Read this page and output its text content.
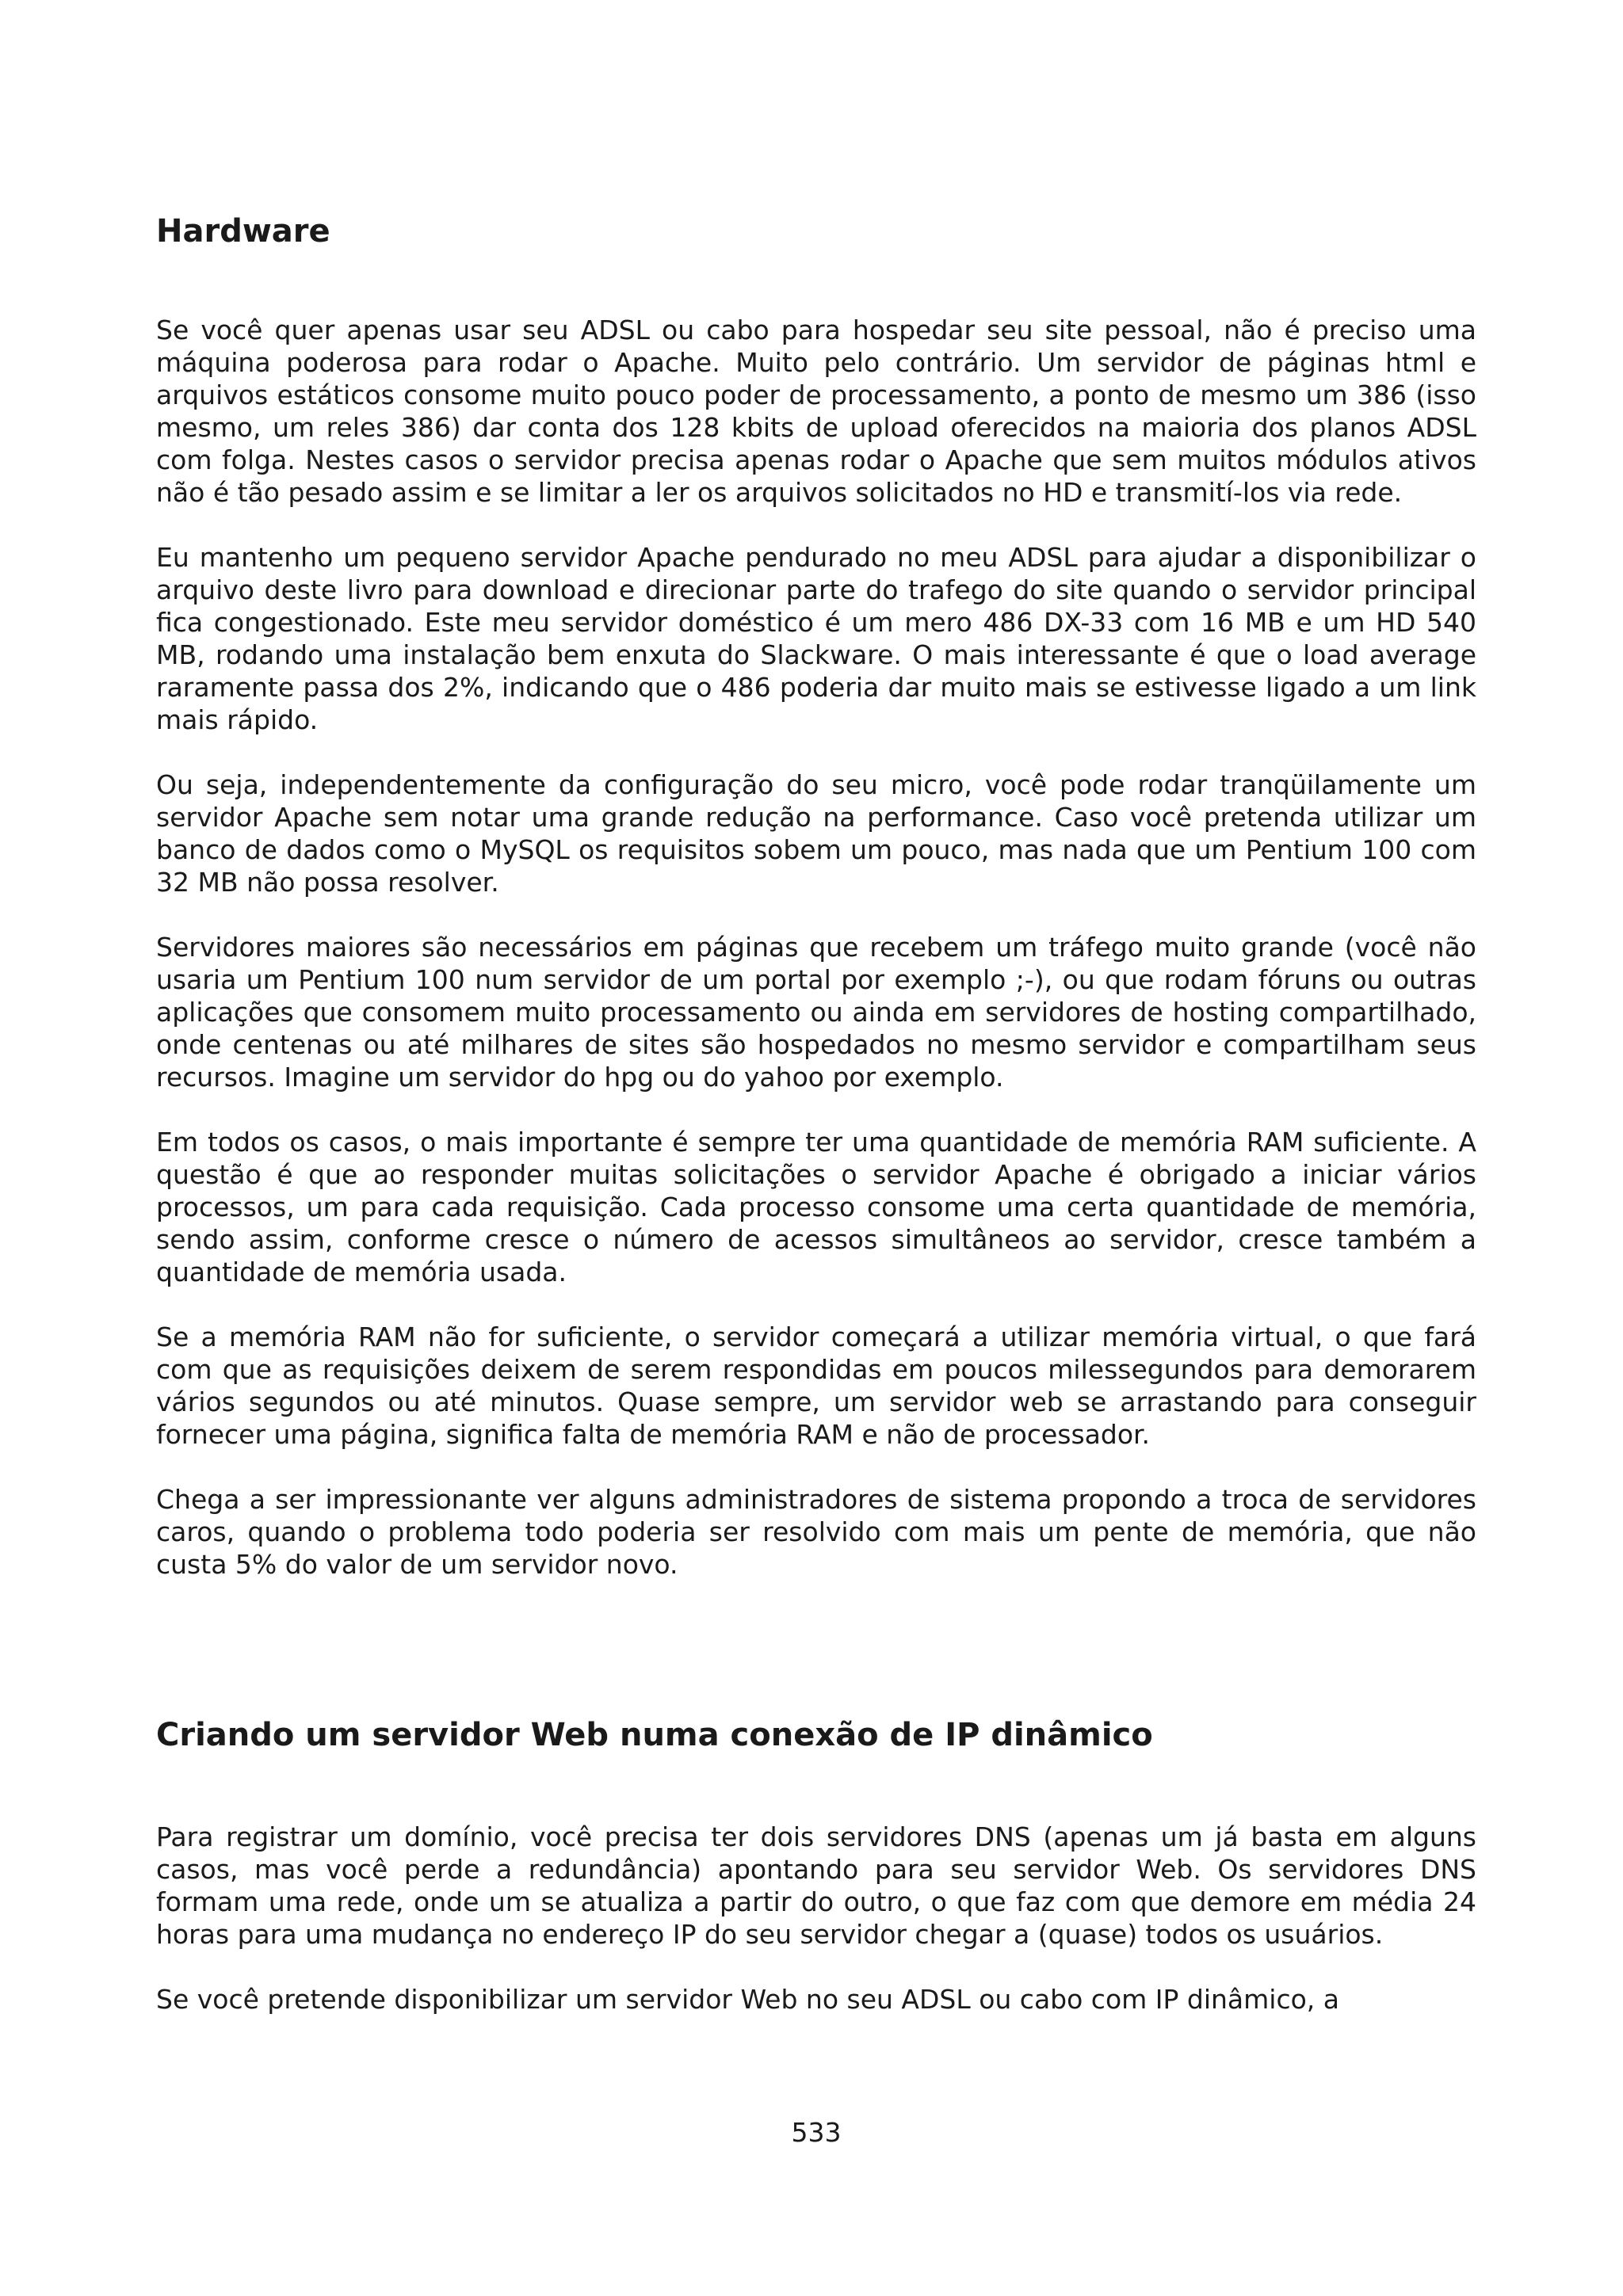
Hardware

Se você quer apenas usar seu ADSL ou cabo para hospedar seu site pessoal, não é preciso uma máquina poderosa para rodar o Apache. Muito pelo contrário. Um servidor de páginas html e arquivos estáticos consome muito pouco poder de processamento, a ponto de mesmo um 386 (isso mesmo, um reles 386) dar conta dos 128 kbits de upload oferecidos na maioria dos planos ADSL com folga. Nestes casos o servidor precisa apenas rodar o Apache que sem muitos módulos ativos não é tão pesado assim e se limitar a ler os arquivos solicitados no HD e transmití-los via rede.

Eu mantenho um pequeno servidor Apache pendurado no meu ADSL para ajudar a disponibilizar o arquivo deste livro para download e direcionar parte do trafego do site quando o servidor principal fica congestionado. Este meu servidor doméstico é um mero 486 DX-33 com 16 MB e um HD 540 MB, rodando uma instalação bem enxuta do Slackware. O mais interessante é que o load average raramente passa dos 2%, indicando que o 486 poderia dar muito mais se estivesse ligado a um link mais rápido.

Ou seja, independentemente da configuração do seu micro, você pode rodar tranqüilamente um servidor Apache sem notar uma grande redução na performance. Caso você pretenda utilizar um banco de dados como o MySQL os requisitos sobem um pouco, mas nada que um Pentium 100 com 32 MB não possa resolver.

Servidores maiores são necessários em páginas que recebem um tráfego muito grande (você não usaria um Pentium 100 num servidor de um portal por exemplo ;-), ou que rodam fóruns ou outras aplicações que consomem muito processamento ou ainda em servidores de hosting compartilhado, onde centenas ou até milhares de sites são hospedados no mesmo servidor e compartilham seus recursos. Imagine um servidor do hpg ou do yahoo por exemplo.

Em todos os casos, o mais importante é sempre ter uma quantidade de memória RAM suficiente. A questão é que ao responder muitas solicitações o servidor Apache é obrigado a iniciar vários processos, um para cada requisição. Cada processo consome uma certa quantidade de memória, sendo assim, conforme cresce o número de acessos simultâneos ao servidor, cresce também a quantidade de memória usada.

Se a memória RAM não for suficiente, o servidor começará a utilizar memória virtual, o que fará com que as requisições deixem de serem respondidas em poucos milessegundos para demorarem vários segundos ou até minutos. Quase sempre, um servidor web se arrastando para conseguir fornecer uma página, significa falta de memória RAM e não de processador.

Chega a ser impressionante ver alguns administradores de sistema propondo a troca de servidores caros, quando o problema todo poderia ser resolvido com mais um pente de memória, que não custa 5% do valor de um servidor novo.

Criando um servidor Web numa conexão de IP dinâmico

Para registrar um domínio, você precisa ter dois servidores DNS (apenas um já basta em alguns casos, mas você perde a redundância) apontando para seu servidor Web. Os servidores DNS formam uma rede, onde um se atualiza a partir do outro, o que faz com que demore em média 24 horas para uma mudança no endereço IP do seu servidor chegar a (quase) todos os usuários.

Se você pretende disponibilizar um servidor Web no seu ADSL ou cabo com IP dinâmico, a

533
